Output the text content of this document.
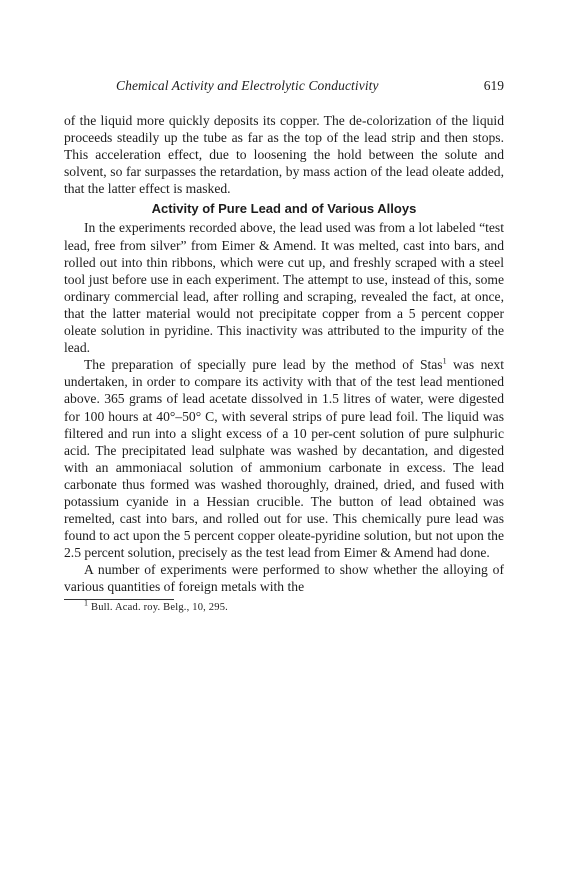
Chemical Activity and Electrolytic Conductivity	619

of the liquid more quickly deposits its copper. The de-colorization of the liquid proceeds steadily up the tube as far as the top of the lead strip and then stops. This acceleration effect, due to loosening the hold between the solute and solvent, so far surpasses the retardation, by mass action of the lead oleate added, that the latter effect is masked.

Activity of Pure Lead and of Various Alloys

In the experiments recorded above, the lead used was from a lot labeled “test lead, free from silver” from Eimer & Amend. It was melted, cast into bars, and rolled out into thin ribbons, which were cut up, and freshly scraped with a steel tool just before use in each experiment. The attempt to use, instead of this, some ordinary commercial lead, after rolling and scraping, revealed the fact, at once, that the latter material would not precipitate copper from a 5 percent copper oleate solution in pyridine. This inactivity was attributed to the impurity of the lead.

The preparation of specially pure lead by the method of Stas$^1$ was next undertaken, in order to compare its activity with that of the test lead mentioned above. 365 grams of lead acetate dissolved in 1.5 litres of water, were digested for 100 hours at 40°–50° C, with several strips of pure lead foil. The liquid was filtered and run into a slight excess of a 10 per-cent solution of pure sulphuric acid. The precipitated lead sulphate was washed by decantation, and digested with an ammoniacal solution of ammonium carbonate in excess. The lead carbonate thus formed was washed thoroughly, drained, dried, and fused with potassium cyanide in a Hessian crucible. The button of lead obtained was remelted, cast into bars, and rolled out for use. This chemically pure lead was found to act upon the 5 percent copper oleate-pyridine solution, but not upon the 2.5 percent solution, precisely as the test lead from Eimer & Amend had done.

A number of experiments were performed to show whether the alloying of various quantities of foreign metals with the

$^1$ Bull. Acad. roy. Belg., 10, 295.
